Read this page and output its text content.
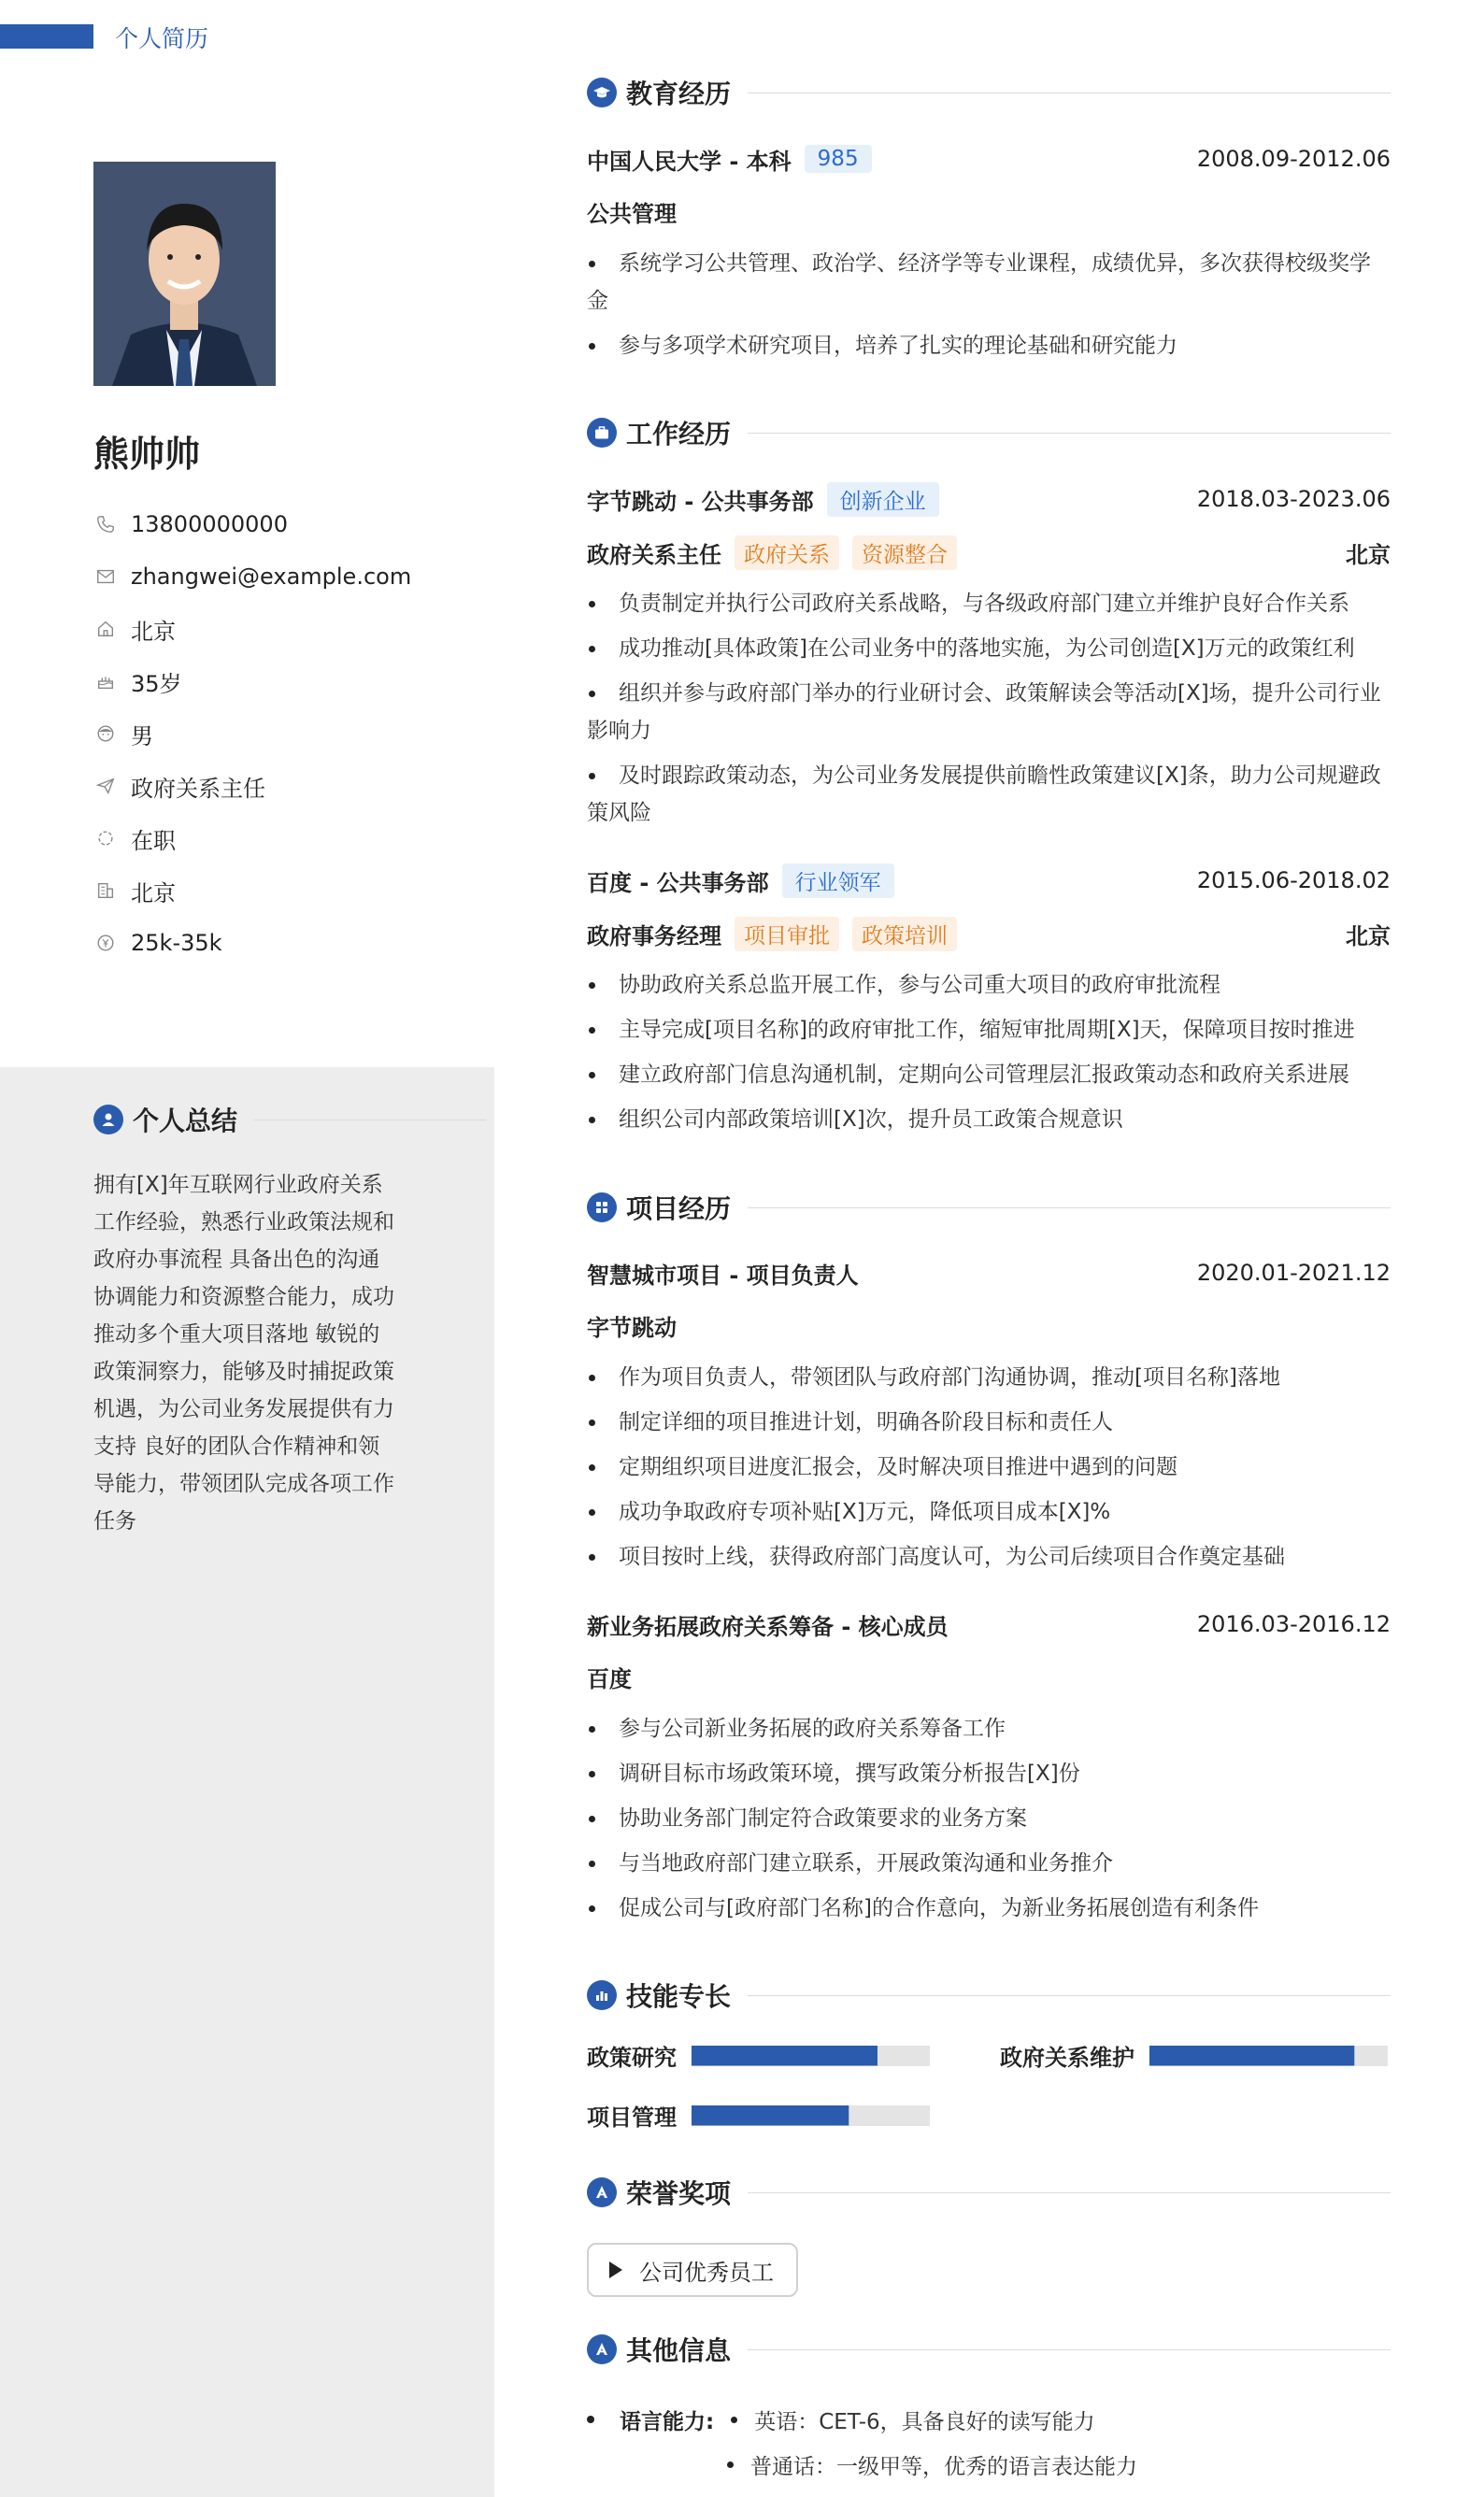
个人简历
熊帅帅
13800000000
zhangwei@example.com
北京
35岁
男
政府关系主任
在职
北京
25k-35k
个人总结
拥有[X]年互联网行业政府关系工作经验，熟悉行业政策法规和政府办事流程 具备出色的沟通协调能力和资源整合能力，成功推动多个重大项目落地 敏锐的政策洞察力，能够及时捕捉政策机遇，为公司业务发展提供有力支持 良好的团队合作精神和领导能力，带领团队完成各项工作任务
教育经历
中国人民大学 - 本科	985	2008.09-2012.06
公共管理
系统学习公共管理、政治学、经济学等专业课程，成绩优异，多次获得校级奖学金
参与多项学术研究项目，培养了扎实的理论基础和研究能力
工作经历
字节跳动 - 公共事务部	创新企业	2018.03-2023.06
政府关系主任	政府关系	资源整合	北京
负责制定并执行公司政府关系战略，与各级政府部门建立并维护良好合作关系
成功推动[具体政策]在公司业务中的落地实施，为公司创造[X]万元的政策红利
组织并参与政府部门举办的行业研讨会、政策解读会等活动[X]场，提升公司行业影响力
及时跟踪政策动态，为公司业务发展提供前瞻性政策建议[X]条，助力公司规避政策风险
百度 - 公共事务部	行业领军	2015.06-2018.02
政府事务经理	项目审批	政策培训	北京
协助政府关系总监开展工作，参与公司重大项目的政府审批流程
主导完成[项目名称]的政府审批工作，缩短审批周期[X]天，保障项目按时推进
建立政府部门信息沟通机制，定期向公司管理层汇报政策动态和政府关系进展
组织公司内部政策培训[X]次，提升员工政策合规意识
项目经历
智慧城市项目 - 项目负责人	2020.01-2021.12
字节跳动
作为项目负责人，带领团队与政府部门沟通协调，推动[项目名称]落地
制定详细的项目推进计划，明确各阶段目标和责任人
定期组织项目进度汇报会，及时解决项目推进中遇到的问题
成功争取政府专项补贴[X]万元，降低项目成本[X]%
项目按时上线，获得政府部门高度认可，为公司后续项目合作奠定基础
新业务拓展政府关系筹备 - 核心成员	2016.03-2016.12
百度
参与公司新业务拓展的政府关系筹备工作
调研目标市场政策环境，撰写政策分析报告[X]份
协助业务部门制定符合政策要求的业务方案
与当地政府部门建立联系，开展政策沟通和业务推介
促成公司与[政府部门名称]的合作意向，为新业务拓展创造有利条件
技能专长
政策研究	政府关系维护
项目管理
荣誉奖项
公司优秀员工
其他信息
语言能力: 英语：CET-6，具备良好的读写能力
普通话：一级甲等，优秀的语言表达能力
